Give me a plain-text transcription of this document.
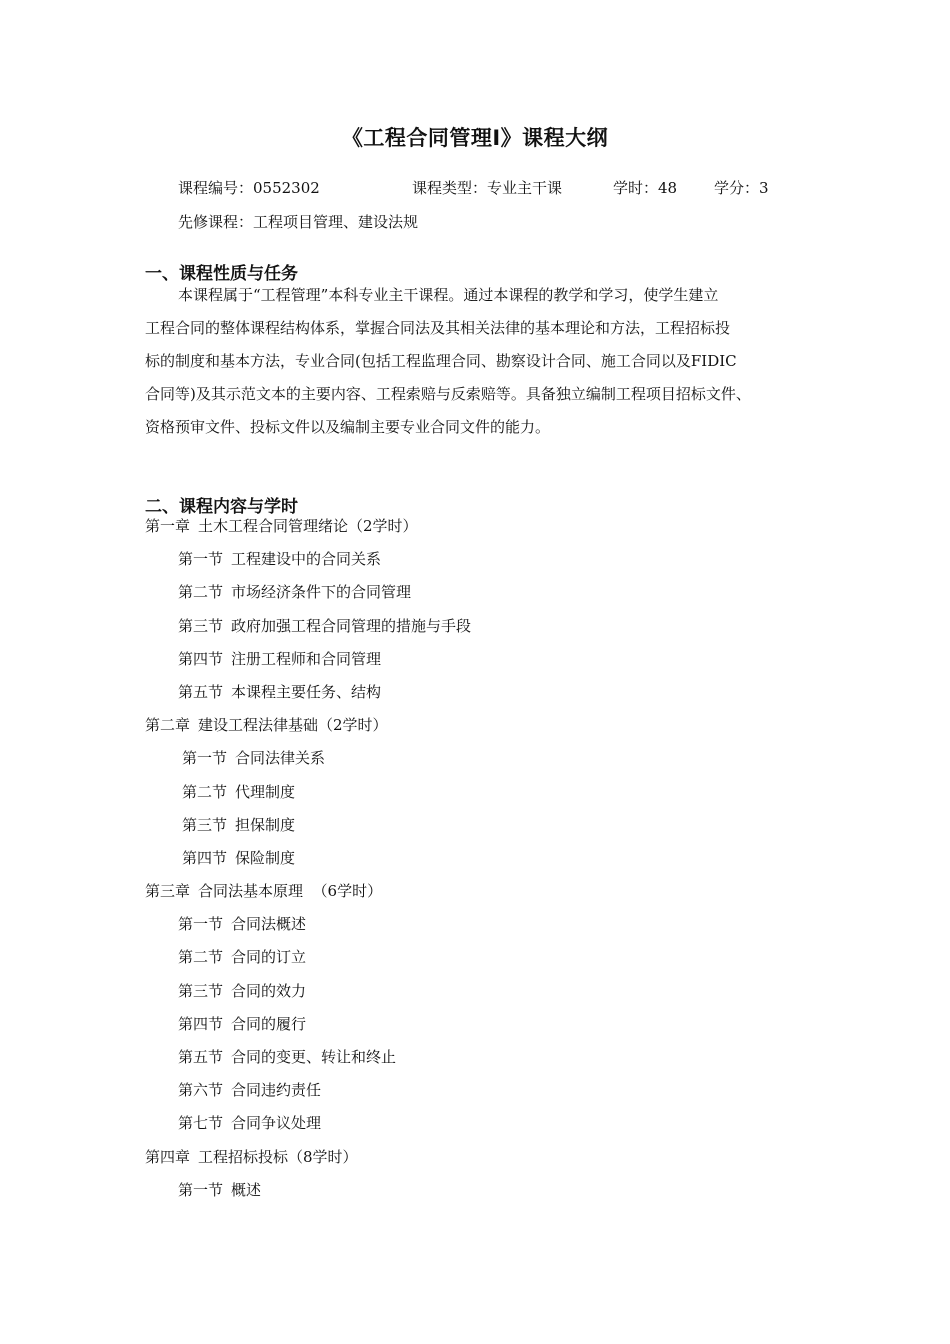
《工程合同管理Ⅰ》课程大纲
课程编号：0552302	课程类型：专业主干课	学时：48 学分：3
先修课程：工程项目管理、建设法规
一、课程性质与任务
本课程属于“工程管理”本科专业主干课程。通过本课程的教学和学习，使学生建立
工程合同的整体课程结构体系，掌握合同法及其相关法律的基本理论和方法，工程招标投
标的制度和基本方法，专业合同(包括工程监理合同、勘察设计合同、施工合同以及FIDIC
合同等)及其示范文本的主要内容、工程索赔与反索赔等。具备独立编制工程项目招标文件、
资格预审文件、投标文件以及编制主要专业合同文件的能力。
二、课程内容与学时
第一章 土木工程合同管理绪论（2学时）
第一节 工程建设中的合同关系
第二节 市场经济条件下的合同管理
第三节 政府加强工程合同管理的措施与手段
第四节 注册工程师和合同管理
第五节 本课程主要任务、结构
第二章 建设工程法律基础（2学时）
第一节 合同法律关系
第二节 代理制度
第三节 担保制度
第四节 保险制度
第三章 合同法基本原理  （6学时）
第一节 合同法概述
第二节 合同的订立
第三节 合同的效力
第四节 合同的履行
第五节 合同的变更、转让和终止
第六节 合同违约责任
第七节 合同争议处理
第四章 工程招标投标（8学时）
第一节 概述
